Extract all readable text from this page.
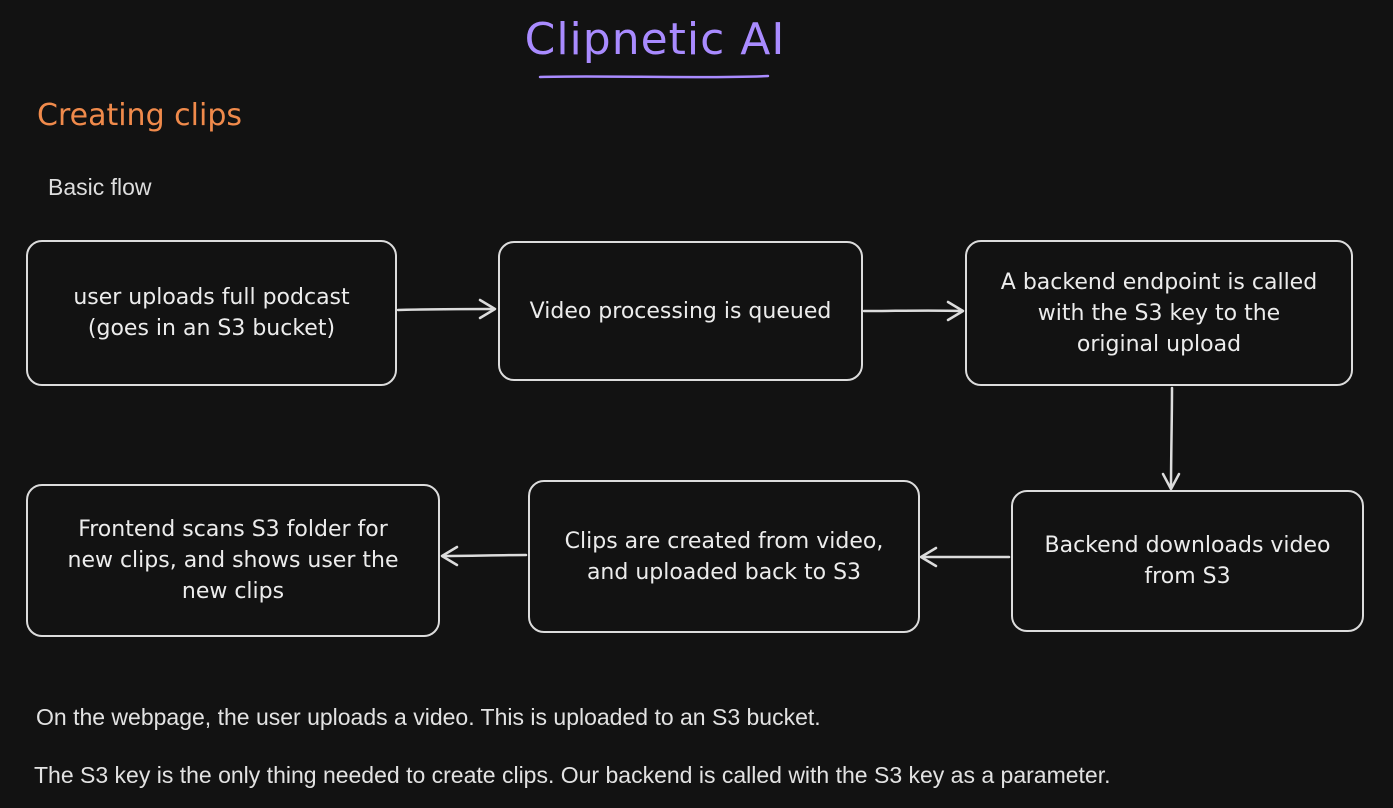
Clipnetic AI
Creating clips
Basic flow
user uploads full podcast
(goes in an S3 bucket)
Video processing is queued
A backend endpoint is called
with the S3 key to the
original upload
Backend downloads video
from S3
Clips are created from video,
and uploaded back to S3
Frontend scans S3 folder for
new clips, and shows user the
new clips
On the webpage, the user uploads a video. This is uploaded to an S3 bucket.
The S3 key is the only thing needed to create clips. Our backend is called with the S3 key as a parameter.
